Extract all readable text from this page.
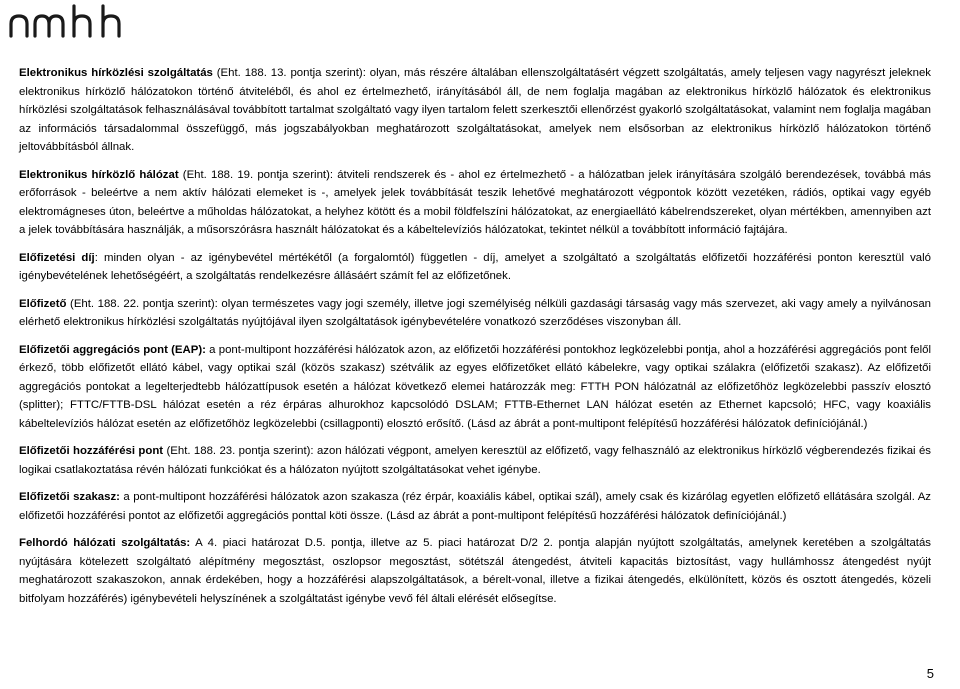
Elektronikus hírközlési szolgáltatás (Eht. 188. 13. pontja szerint): olyan, más részére általában ellenszolgáltatásért végzett szolgáltatás, amely teljesen vagy nagyrészt jeleknek elektronikus hírközlő hálózatokon történő átviteléből, és ahol ez értelmezhető, irányításából áll, de nem foglalja magában az elektronikus hírközlő hálózatok és elektronikus hírközlési szolgáltatások felhasználásával továbbított tartalmat szolgáltató vagy ilyen tartalom felett szerkesztői ellenőrzést gyakorló szolgáltatásokat, valamint nem foglalja magában az információs társadalommal összefüggő, más jogszabályokban meghatározott szolgáltatásokat, amelyek nem elsősorban az elektronikus hírközlő hálózatokon történő jeltovábbításból állnak.

Elektronikus hírközlő hálózat (Eht. 188. 19. pontja szerint): átviteli rendszerek és - ahol ez értelmezhető - a hálózatban jelek irányítására szolgáló berendezések, továbbá más erőforrások - beleértve a nem aktív hálózati elemeket is -, amelyek jelek továbbítását teszik lehetővé meghatározott végpontok között vezetéken, rádiós, optikai vagy egyéb elektromágneses úton, beleértve a műholdas hálózatokat, a helyhez kötött és a mobil földfelszíni hálózatokat, az energiaellátó kábelrendszereket, olyan mértékben, amennyiben azt a jelek továbbítására használják, a műsorszórásra használt hálózatokat és a kábeltelevíziós hálózatokat, tekintet nélkül a továbbított információ fajtájára.

Előfizetési díj: minden olyan - az igénybevétel mértékétől (a forgalomtól) független - díj, amelyet a szolgáltató a szolgáltatás előfizetői hozzáférési ponton keresztül való igénybevételének lehetőségéért, a szolgáltatás rendelkezésre állásáért számít fel az előfizetőnek.

Előfizető (Eht. 188. 22. pontja szerint): olyan természetes vagy jogi személy, illetve jogi személyiség nélküli gazdasági társaság vagy más szervezet, aki vagy amely a nyilvánosan elérhető elektronikus hírközlési szolgáltatás nyújtójával ilyen szolgáltatások igénybevételére vonatkozó szerződéses viszonyban áll.

Előfizetői aggregációs pont (EAP): a pont-multipont hozzáférési hálózatok azon, az előfizetői hozzáférési pontokhoz legközelebbi pontja, ahol a hozzáférési aggregációs pont felől érkező, több előfizetőt ellátó kábel, vagy optikai szál (közös szakasz) szétválik az egyes előfizetőket ellátó kábelekre, vagy optikai szálakra (előfizetői szakasz). Az előfizetői aggregációs pontokat a legelterjedtebb hálózattípusok esetén a hálózat következő elemei határozzák meg: FTTH PON hálózatnál az előfizetőhöz legközelebbi passzív elosztó (splitter); FTTC/FTTB-DSL hálózat esetén a réz érpáras alhurokhoz kapcsolódó DSLAM; FTTB-Ethernet LAN hálózat esetén az Ethernet kapcsoló; HFC, vagy koaxiális kábeltelevíziós hálózat esetén az előfizetőhöz legközelebbi (csillagponti) elosztó erősítő. (Lásd az ábrát a pont-multipont felépítésű hozzáférési hálózatok definíciójánál.)

Előfizetői hozzáférési pont (Eht. 188. 23. pontja szerint): azon hálózati végpont, amelyen keresztül az előfizető, vagy felhasználó az elektronikus hírközlő végberendezés fizikai és logikai csatlakoztatása révén hálózati funkciókat és a hálózaton nyújtott szolgáltatásokat vehet igénybe.

Előfizetői szakasz: a pont-multipont hozzáférési hálózatok azon szakasza (réz érpár, koaxiális kábel, optikai szál), amely csak és kizárólag egyetlen előfizető ellátására szolgál. Az előfizetői hozzáférési pontot az előfizetői aggregációs ponttal köti össze. (Lásd az ábrát a pont-multipont felépítésű hozzáférési hálózatok definíciójánál.)

Felhordó hálózati szolgáltatás: A 4. piaci határozat D.5. pontja, illetve az 5. piaci határozat D/2 2. pontja alapján nyújtott szolgáltatás, amelynek keretében a szolgáltatás nyújtására kötelezett szolgáltató alépítmény megosztást, oszlopsor megosztást, sötétszál átengedést, átviteli kapacitás biztosítást, vagy hullámhossz átengedést nyújt meghatározott szakaszokon, annak érdekében, hogy a hozzáférési alapszolgáltatások, a bérelt-vonal, illetve a fizikai átengedés, elkülönített, közös és osztott átengedés, közeli bitfolyam hozzáférés) igénybevételi helyszínének a szolgáltatást igénybe vevő fél általi elérését elősegítse.

5
